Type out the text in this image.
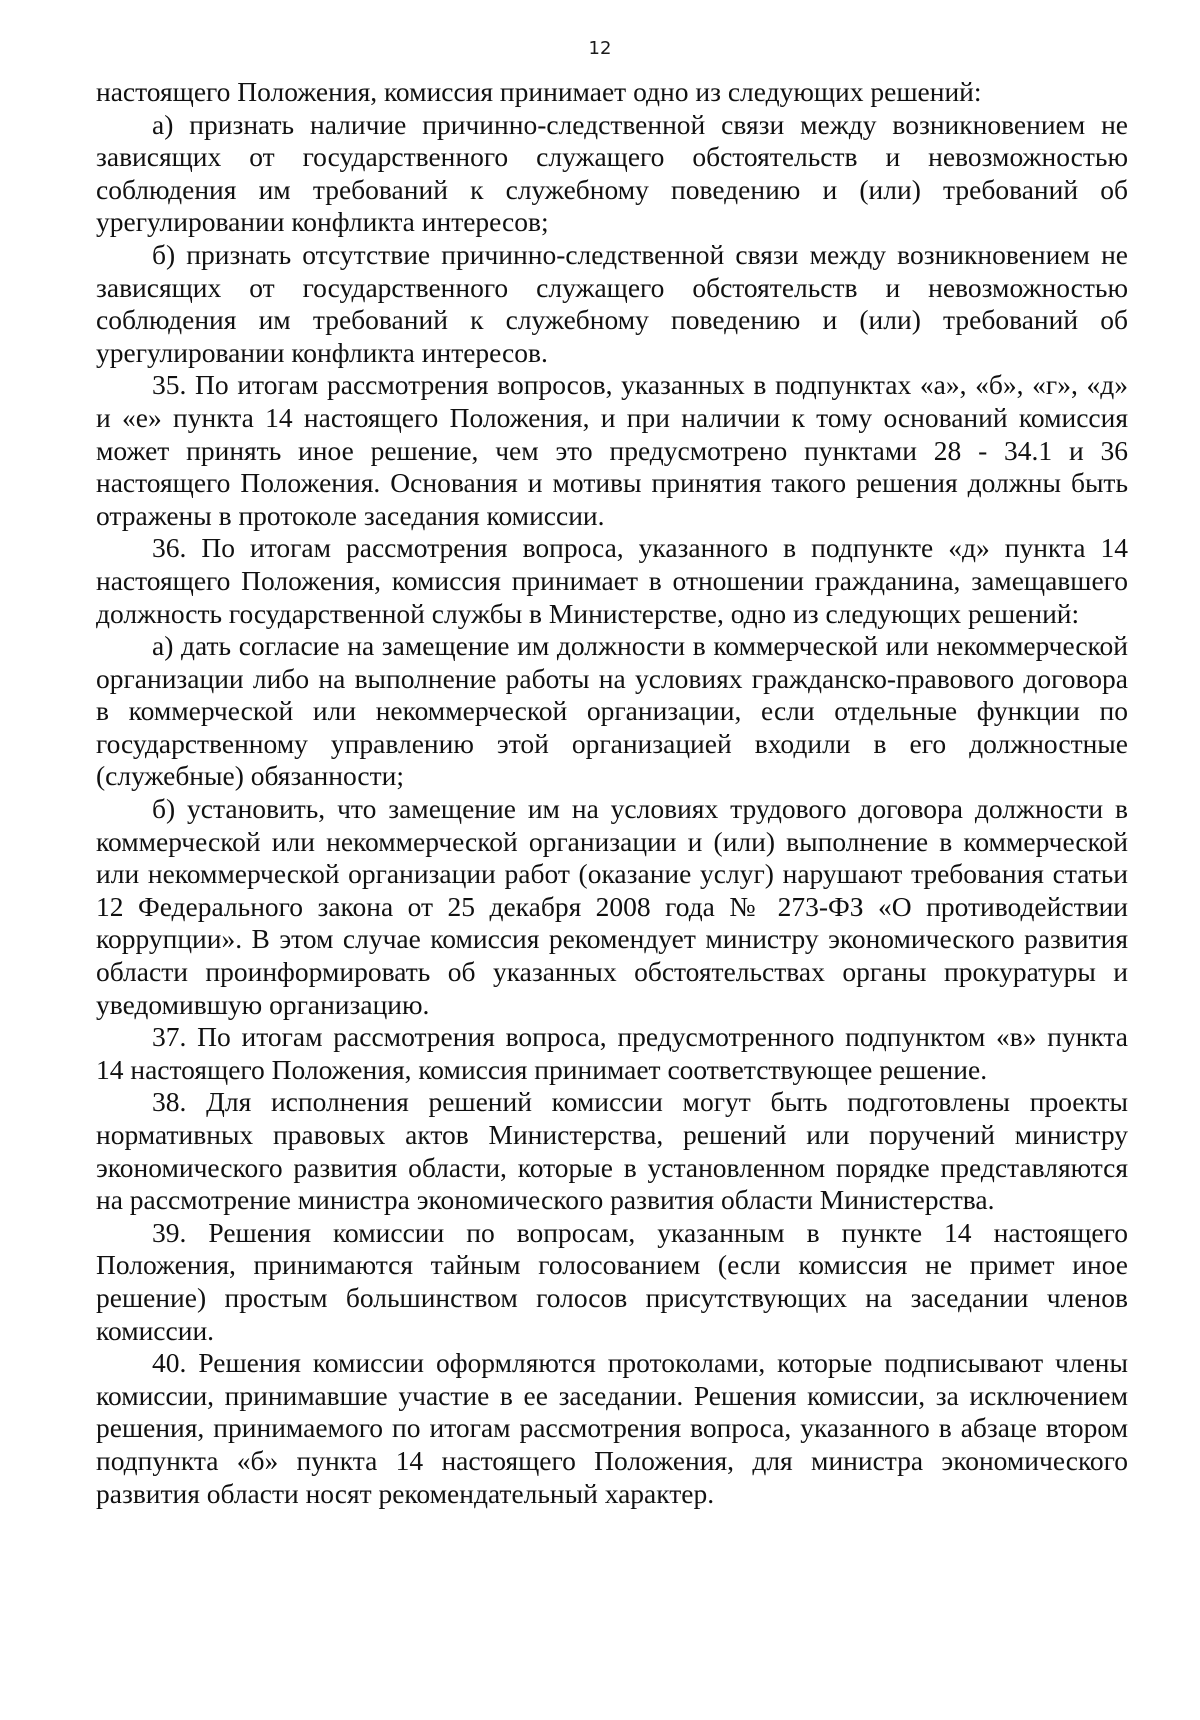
12

настоящего Положения, комиссия принимает одно из следующих решений:

а) признать наличие причинно-следственной связи между возникновением не зависящих от государственного служащего обстоятельств и невозможностью соблюдения им требований к служебному поведению и (или) требований об урегулировании конфликта интересов;

б) признать отсутствие причинно-следственной связи между возникновением не зависящих от государственного служащего обстоятельств и невозможностью соблюдения им требований к служебному поведению и (или) требований об урегулировании конфликта интересов.

35. По итогам рассмотрения вопросов, указанных в подпунктах «а», «б», «г», «д» и «е» пункта 14 настоящего Положения, и при наличии к тому оснований комиссия может принять иное решение, чем это предусмотрено пунктами 28 - 34.1 и 36 настоящего Положения. Основания и мотивы принятия такого решения должны быть отражены в протоколе заседания комиссии.

36. По итогам рассмотрения вопроса, указанного в подпункте «д» пункта 14 настоящего Положения, комиссия принимает в отношении гражданина, замещавшего должность государственной службы в Министерстве, одно из следующих решений:

а) дать согласие на замещение им должности в коммерческой или некоммерческой организации либо на выполнение работы на условиях гражданско-правового договора в коммерческой или некоммерческой организации, если отдельные функции по государственному управлению этой организацией входили в его должностные (служебные) обязанности;

б) установить, что замещение им на условиях трудового договора должности в коммерческой или некоммерческой организации и (или) выполнение в коммерческой или некоммерческой организации работ (оказание услуг) нарушают требования статьи 12 Федерального закона от 25 декабря 2008 года № 273-ФЗ «О противодействии коррупции». В этом случае комиссия рекомендует министру экономического развития области проинформировать об указанных обстоятельствах органы прокуратуры и уведомившую организацию.

37. По итогам рассмотрения вопроса, предусмотренного подпунктом «в» пункта 14 настоящего Положения, комиссия принимает соответствующее решение.

38. Для исполнения решений комиссии могут быть подготовлены проекты нормативных правовых актов Министерства, решений или поручений министру экономического развития области, которые в установленном порядке представляются на рассмотрение министра экономического развития области Министерства.

39. Решения комиссии по вопросам, указанным в пункте 14 настоящего Положения, принимаются тайным голосованием (если комиссия не примет иное решение) простым большинством голосов присутствующих на заседании членов комиссии.

40. Решения комиссии оформляются протоколами, которые подписывают члены комиссии, принимавшие участие в ее заседании. Решения комиссии, за исключением решения, принимаемого по итогам рассмотрения вопроса, указанного в абзаце втором подпункта «б» пункта 14 настоящего Положения, для министра экономического развития области носят рекомендательный характер.
